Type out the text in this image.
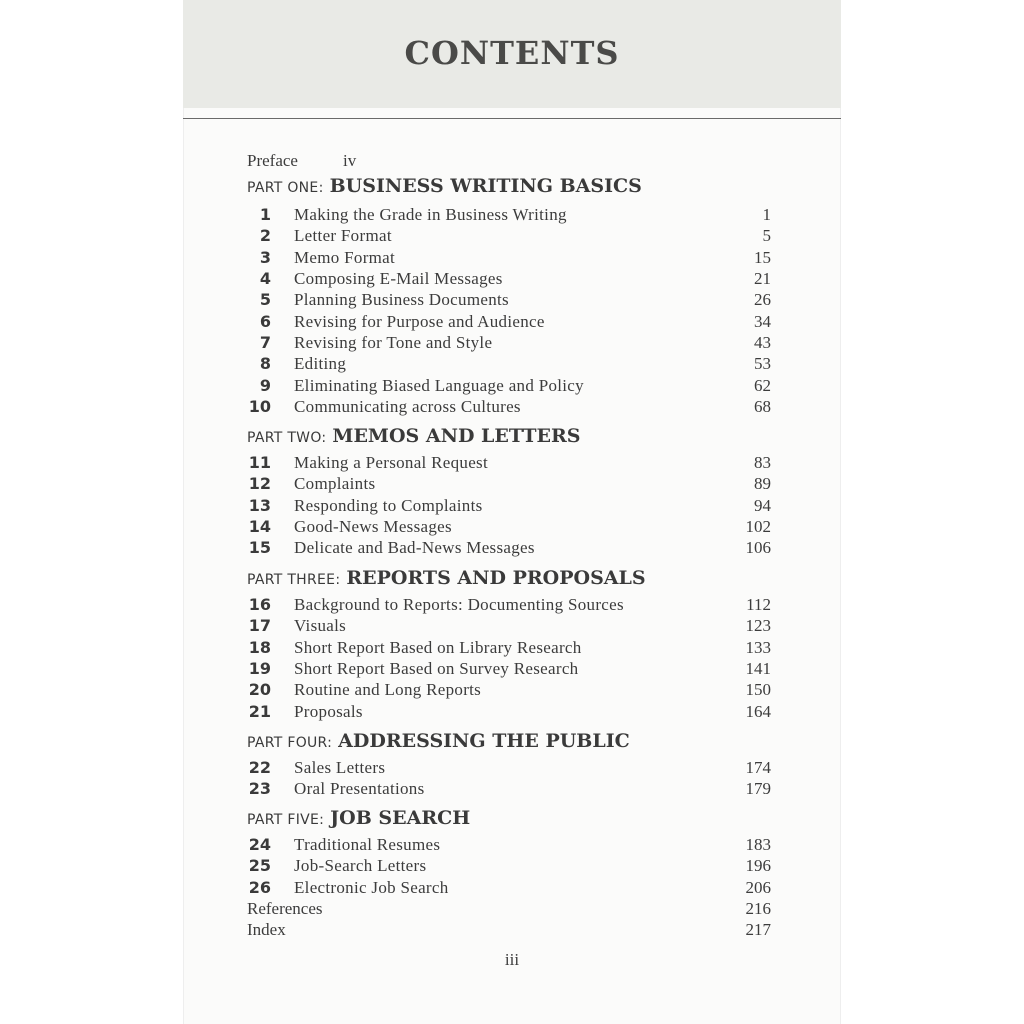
CONTENTS
Preface	iv
PART ONE: BUSINESS WRITING BASICS
1 Making the Grade in Business Writing	1
2 Letter Format	5
3 Memo Format	15
4 Composing E-Mail Messages	21
5 Planning Business Documents	26
6 Revising for Purpose and Audience	34
7 Revising for Tone and Style	43
8 Editing	53
9 Eliminating Biased Language and Policy	62
10 Communicating across Cultures	68
PART TWO: MEMOS AND LETTERS
11 Making a Personal Request	83
12 Complaints	89
13 Responding to Complaints	94
14 Good-News Messages	102
15 Delicate and Bad-News Messages	106
PART THREE: REPORTS AND PROPOSALS
16 Background to Reports: Documenting Sources	112
17 Visuals	123
18 Short Report Based on Library Research	133
19 Short Report Based on Survey Research	141
20 Routine and Long Reports	150
21 Proposals	164
PART FOUR: ADDRESSING THE PUBLIC
22 Sales Letters	174
23 Oral Presentations	179
PART FIVE: JOB SEARCH
24 Traditional Resumes	183
25 Job-Search Letters	196
26 Electronic Job Search	206
References	216
Index	217
iii
